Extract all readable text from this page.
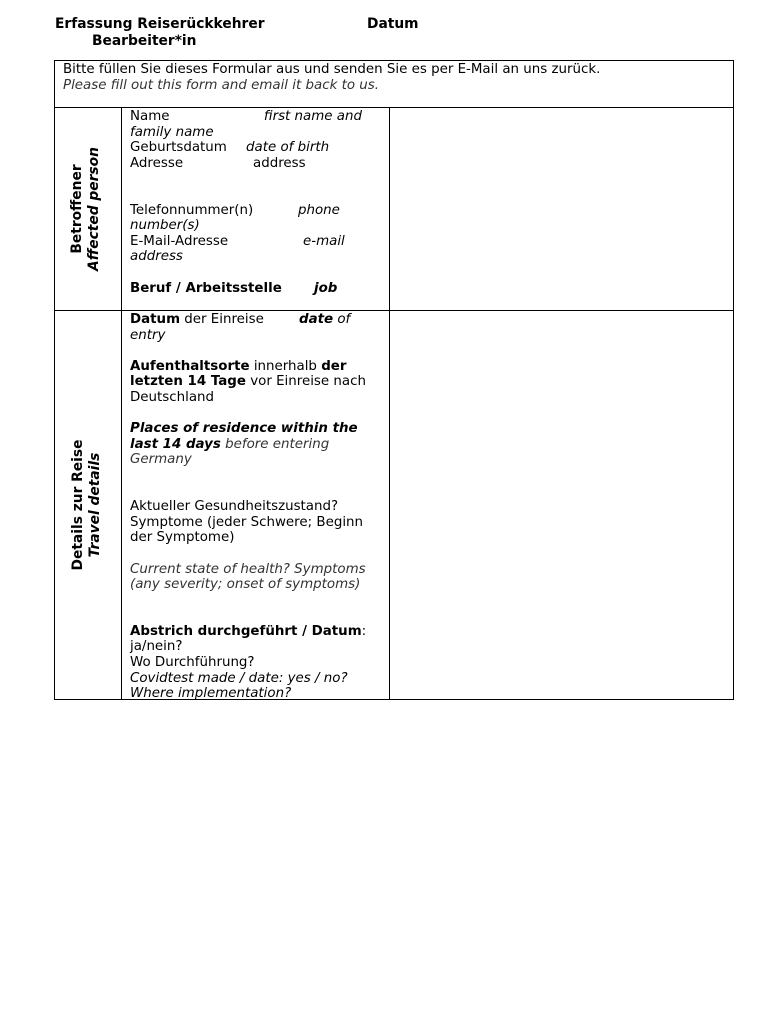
Erfassung Reiserückkehrer	Datum
Bearbeiter*in
Bitte füllen Sie dieses Formular aus und senden Sie es per E-Mail an uns zurück.
Please fill out this form and email it back to us.
Betroffener Affected person
Name	first name and
family name
Geburtsdatum	date of birth
Adresse	address
Telefonnummer(n)	phone
number(s)
E-Mail-Adresse	e-mail
address
Beruf / Arbeitsstelle	job
Details zur Reise Travel details
Datum der Einreise	date of
entry
Aufenthaltsorte innerhalb der
letzten 14 Tage vor Einreise nach
Deutschland
Places of residence within the
last 14 days before entering
Germany
Aktueller Gesundheitszustand?
Symptome (jeder Schwere; Beginn
der Symptome)
Current state of health? Symptoms
(any severity; onset of symptoms)
Abstrich durchgeführt / Datum:
ja/nein?
Wo Durchführung?
Covidtest made / date: yes / no?
Where implementation?
